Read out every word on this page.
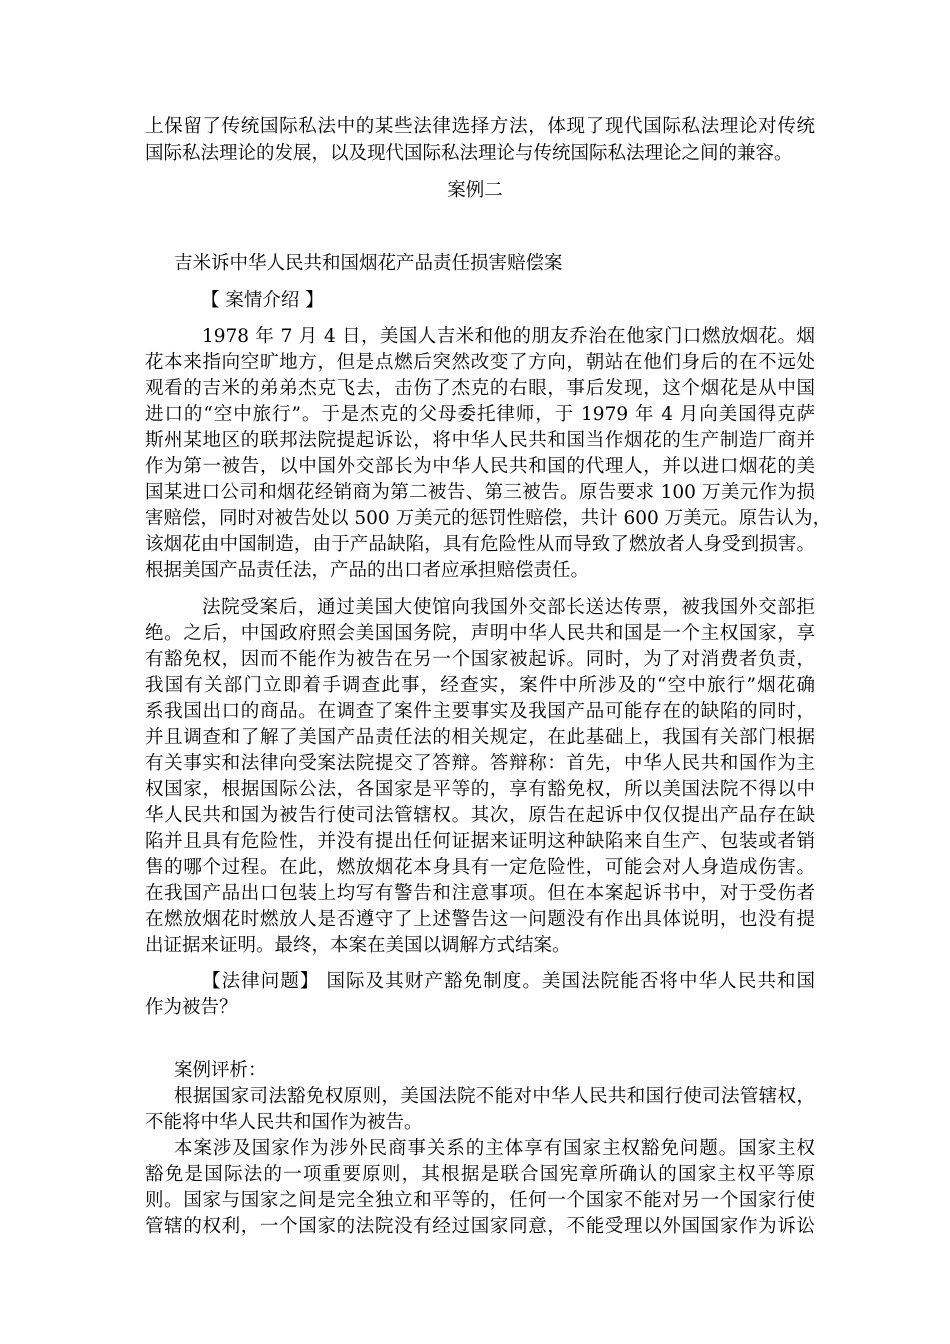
上保留了传统国际私法中的某些法律选择方法，体现了现代国际私法理论对传统
国际私法理论的发展，以及现代国际私法理论与传统国际私法理论之间的兼容。
案例二
吉米诉中华人民共和国烟花产品责任损害赔偿案
【 案情介绍 】
1978 年 7 月 4 日，美国人吉米和他的朋友乔治在他家门口燃放烟花。烟
花本来指向空旷地方，但是点燃后突然改变了方向，朝站在他们身后的在不远处
观看的吉米的弟弟杰克飞去，击伤了杰克的右眼，事后发现，这个烟花是从中国
进口的“空中旅行”。于是杰克的父母委托律师，于 1979 年 4 月向美国得克萨
斯州某地区的联邦法院提起诉讼，将中华人民共和国当作烟花的生产制造厂商并
作为第一被告，以中国外交部长为中华人民共和国的代理人，并以进口烟花的美
国某进口公司和烟花经销商为第二被告、第三被告。原告要求 100 万美元作为损
害赔偿，同时对被告处以 500 万美元的惩罚性赔偿，共计 600 万美元。原告认为，
该烟花由中国制造，由于产品缺陷，具有危险性从而导致了燃放者人身受到损害。
根据美国产品责任法，产品的出口者应承担赔偿责任。
法院受案后，通过美国大使馆向我国外交部长送达传票，被我国外交部拒
绝。之后，中国政府照会美国国务院，声明中华人民共和国是一个主权国家，享
有豁免权，因而不能作为被告在另一个国家被起诉。同时，为了对消费者负责，
我国有关部门立即着手调查此事，经查实，案件中所涉及的“空中旅行”烟花确
系我国出口的商品。在调查了案件主要事实及我国产品可能存在的缺陷的同时，
并且调查和了解了美国产品责任法的相关规定，在此基础上，我国有关部门根据
有关事实和法律向受案法院提交了答辩。答辩称：首先，中华人民共和国作为主
权国家，根据国际公法，各国家是平等的，享有豁免权，所以美国法院不得以中
华人民共和国为被告行使司法管辖权。其次，原告在起诉中仅仅提出产品存在缺
陷并且具有危险性，并没有提出任何证据来证明这种缺陷来自生产、包装或者销
售的哪个过程。在此，燃放烟花本身具有一定危险性，可能会对人身造成伤害。
在我国产品出口包装上均写有警告和注意事项。但在本案起诉书中，对于受伤者
在燃放烟花时燃放人是否遵守了上述警告这一问题没有作出具体说明，也没有提
出证据来证明。最终，本案在美国以调解方式结案。
【法律问题】 国际及其财产豁免制度。美国法院能否将中华人民共和国
作为被告？
案例评析：
根据国家司法豁免权原则，美国法院不能对中华人民共和国行使司法管辖权，
不能将中华人民共和国作为被告。
本案涉及国家作为涉外民商事关系的主体享有国家主权豁免问题。国家主权
豁免是国际法的一项重要原则，其根据是联合国宪章所确认的国家主权平等原
则。国家与国家之间是完全独立和平等的，任何一个国家不能对另一个国家行使
管辖的权利，一个国家的法院没有经过国家同意，不能受理以外国国家作为诉讼
